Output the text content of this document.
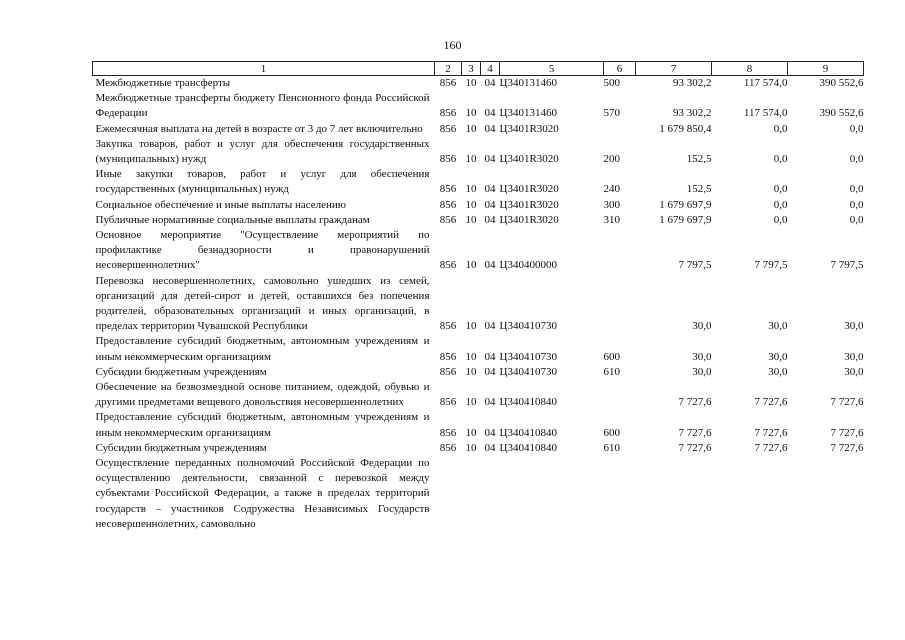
160
1	2	3	4	5	6	7	8	9
Межбюджетные трансферты	856	10	04	Ц340131460	500	93 302,2	117 574,0	390 552,6
Межбюджетные трансферты бюджету Пенсионного фонда Российской Федерации	856	10	04	Ц340131460	570	93 302,2	117 574,0	390 552,6
Ежемесячная выплата на детей в возрасте от 3 до 7 лет включительно	856	10	04	Ц3401R3020		1 679 850,4	0,0	0,0
Закупка товаров, работ и услуг для обеспечения государственных (муниципальных) нужд	856	10	04	Ц3401R3020	200	152,5	0,0	0,0
Иные закупки товаров, работ и услуг для обеспечения государственных (муниципальных) нужд	856	10	04	Ц3401R3020	240	152,5	0,0	0,0
Социальное обеспечение и иные выплаты населению	856	10	04	Ц3401R3020	300	1 679 697,9	0,0	0,0
Публичные нормативные социальные выплаты гражданам	856	10	04	Ц3401R3020	310	1 679 697,9	0,0	0,0
Основное мероприятие "Осуществление мероприятий по профилактике безнадзорности и правонарушений несовершеннолетних"	856	10	04	Ц340400000		7 797,5	7 797,5	7 797,5
Перевозка несовершеннолетних, самовольно ушедших из семей, организаций для детей-сирот и детей, оставшихся без попечения родителей, образовательных организаций и иных организаций, в пределах территории Чувашской Республики	856	10	04	Ц340410730		30,0	30,0	30,0
Предоставление субсидий бюджетным, автономным учреждениям и иным некоммерческим организациям	856	10	04	Ц340410730	600	30,0	30,0	30,0
Субсидии бюджетным учреждениям	856	10	04	Ц340410730	610	30,0	30,0	30,0
Обеспечение на безвозмездной основе питанием, одеждой, обувью и другими предметами вещевого довольствия несовершеннолетних	856	10	04	Ц340410840		7 727,6	7 727,6	7 727,6
Предоставление субсидий бюджетным, автономным учреждениям и иным некоммерческим организациям	856	10	04	Ц340410840	600	7 727,6	7 727,6	7 727,6
Субсидии бюджетным учреждениям	856	10	04	Ц340410840	610	7 727,6	7 727,6	7 727,6
Осуществление переданных полномочий Российской Федерации по осуществлению деятельности, связанной с перевозкой между субъектами Российской Федерации, а также в пределах территорий государств – участников Содружества Независимых Государств несовершеннолетних, самовольно								
